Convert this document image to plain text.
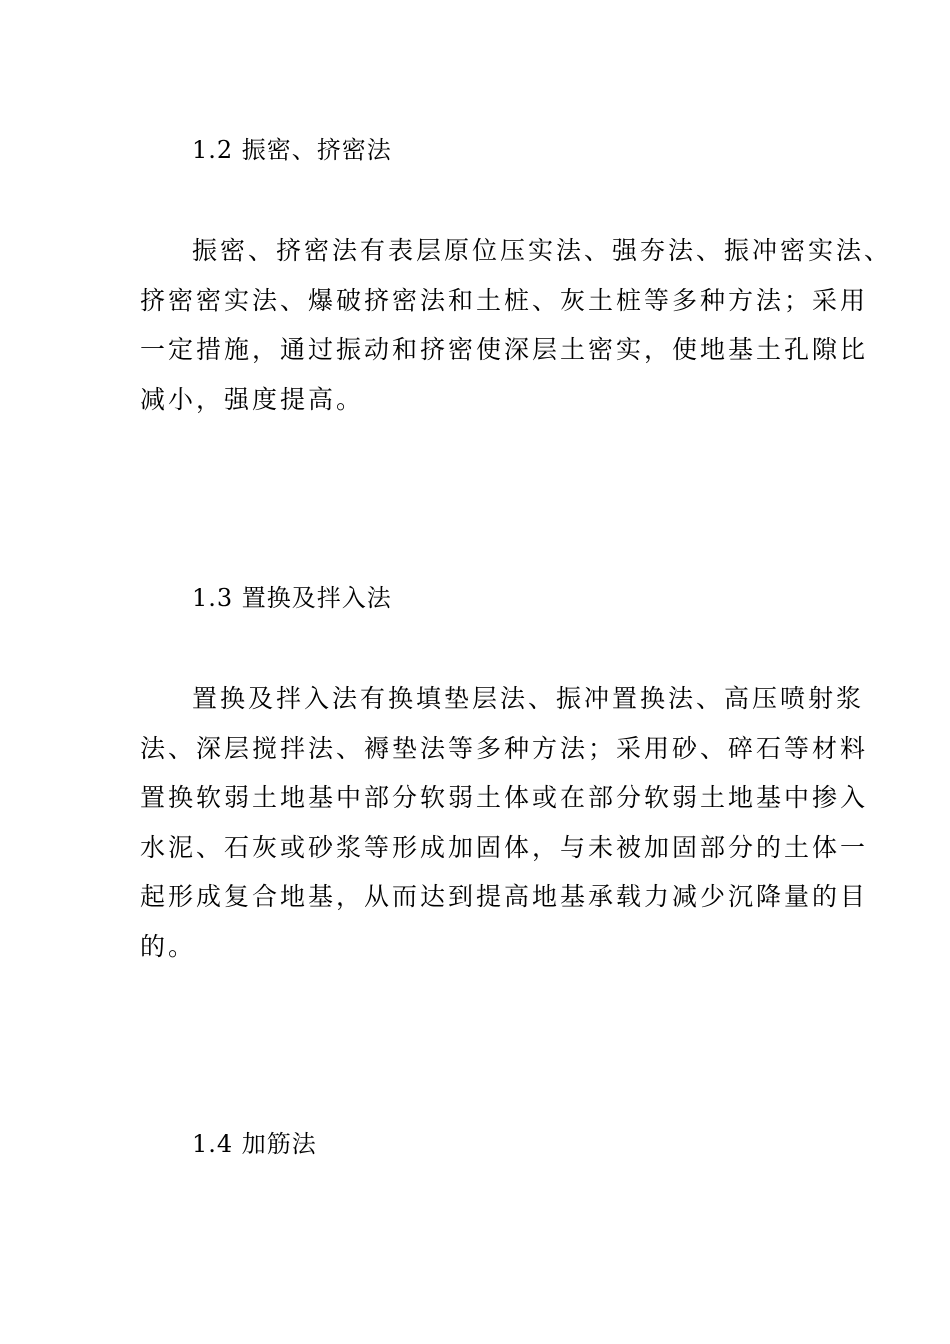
1.2 振密、挤密法
振密、挤密法有表层原位压实法、强夯法、振冲密实法、
挤密密实法、爆破挤密法和土桩、灰土桩等多种方法；采用
一定措施，通过振动和挤密使深层土密实，使地基土孔隙比
减小，强度提高。
1.3 置换及拌入法
置换及拌入法有换填垫层法、振冲置换法、高压喷射浆
法、深层搅拌法、褥垫法等多种方法；采用砂、碎石等材料
置换软弱土地基中部分软弱土体或在部分软弱土地基中掺入
水泥、石灰或砂浆等形成加固体，与未被加固部分的土体一
起形成复合地基，从而达到提高地基承载力减少沉降量的目
的。
1.4 加筋法
